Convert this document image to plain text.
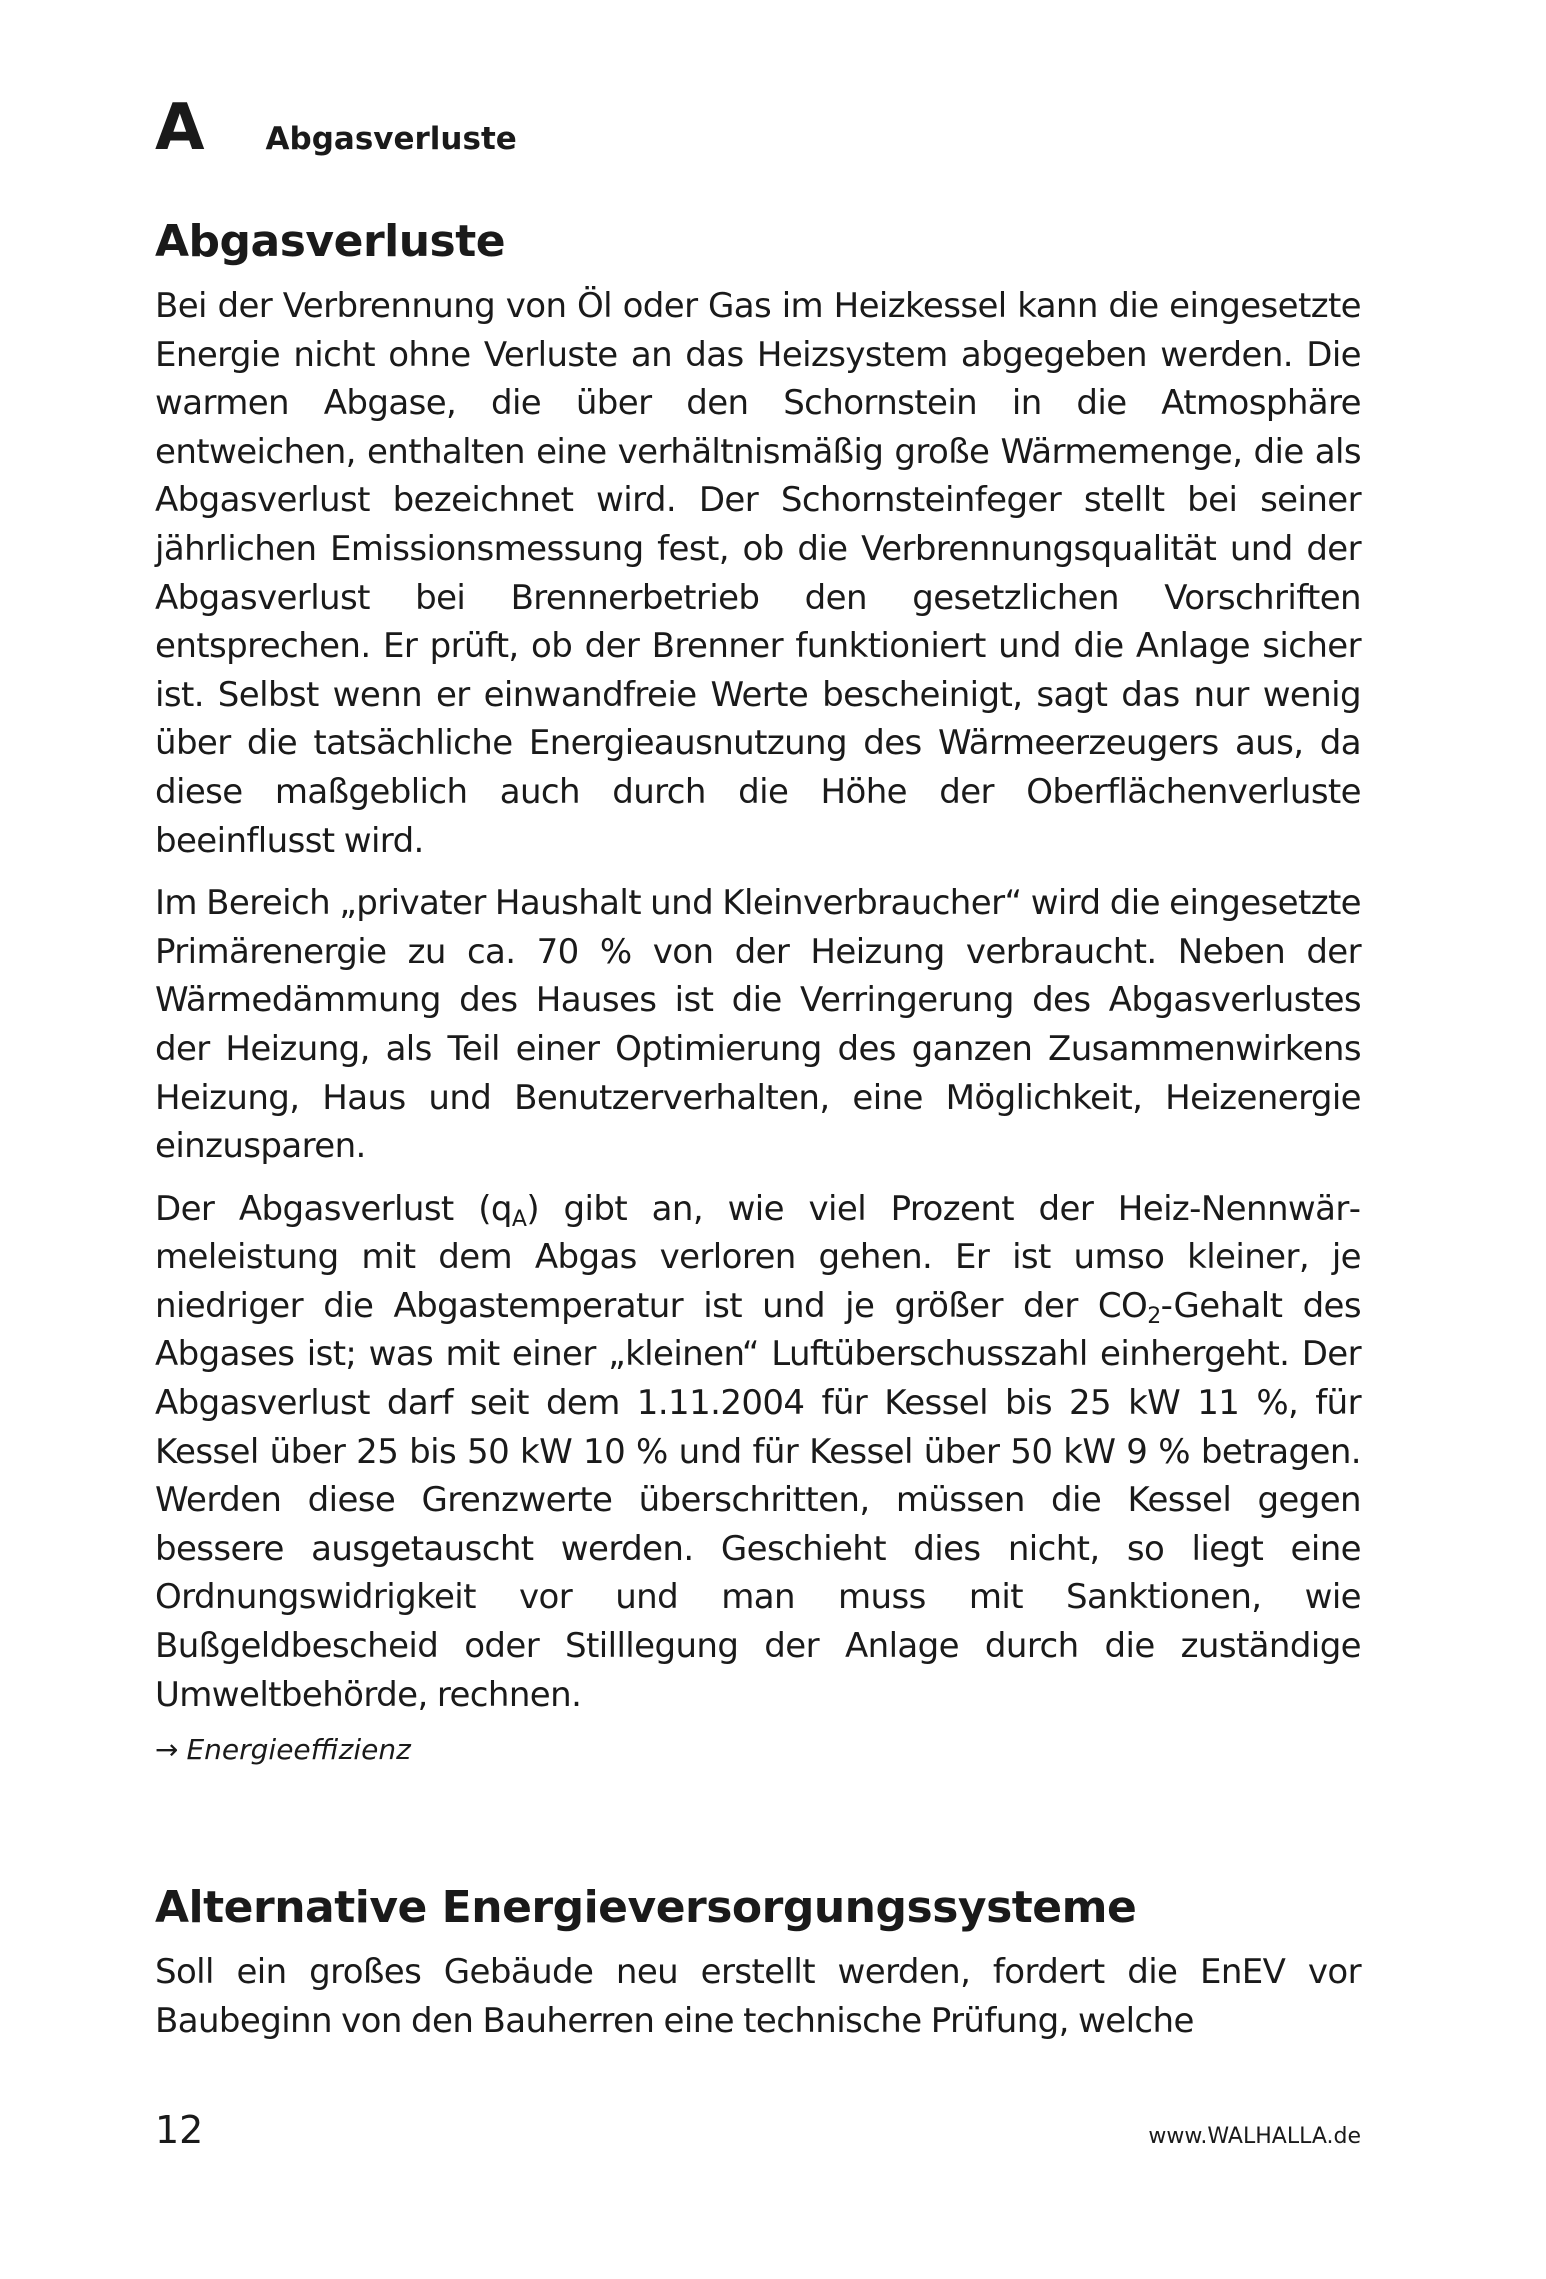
A Abgasverluste
Abgasverluste

Bei der Verbrennung von Öl oder Gas im Heizkessel kann die eingesetzte Energie nicht ohne Verluste an das Heizsystem abgegeben werden. Die warmen Abgase, die über den Schornstein in die Atmosphäre entweichen, enthalten eine verhältnismäßig große Wärmemenge, die als Abgasverlust bezeichnet wird. Der Schornsteinfeger stellt bei seiner jährlichen Emissionsmessung fest, ob die Verbrennungsqualität und der Abgasverlust bei Brennerbetrieb den gesetzlichen Vorschriften entsprechen. Er prüft, ob der Brenner funktioniert und die Anlage sicher ist. Selbst wenn er einwandfreie Werte bescheinigt, sagt das nur wenig über die tatsächliche Energieausnutzung des Wärmeerzeugers aus, da diese maßgeblich auch durch die Höhe der Oberflächenverluste beeinflusst wird.

Im Bereich „privater Haushalt und Kleinverbraucher“ wird die eingesetzte Primärenergie zu ca. 70 % von der Heizung verbraucht. Neben der Wärmedämmung des Hauses ist die Verringerung des Abgasverlustes der Heizung, als Teil einer Optimierung des ganzen Zusammenwirkens Heizung, Haus und Benutzerverhalten, eine Möglichkeit, Heizenergie einzusparen.

Der Abgasverlust $(q_A)$ gibt an, wie viel Prozent der Heiz-Nennwärmeleistung mit dem Abgas verloren gehen. Er ist umso kleiner, je niedriger die Abgastemperatur ist und je größer der $CO_2$-Gehalt des Abgases ist; was mit einer „kleinen“ Luftüberschusszahl einhergeht. Der Abgasverlust darf seit dem 1.11.2004 für Kessel bis 25 kW 11 %, für Kessel über 25 bis 50 kW 10 % und für Kessel über 50 kW 9 % betragen. Werden diese Grenzwerte überschritten, müssen die Kessel gegen bessere ausgetauscht werden. Geschieht dies nicht, so liegt eine Ordnungswidrigkeit vor und man muss mit Sanktionen, wie Bußgeldbescheid oder Stilllegung der Anlage durch die zuständige Umweltbehörde, rechnen.

→ Energieeffizienz
Alternative Energieversorgungssysteme

Soll ein großes Gebäude neu erstellt werden, fordert die EnEV vor Baubeginn von den Bauherren eine technische Prüfung, welche

12	www.WALHALLA.de
